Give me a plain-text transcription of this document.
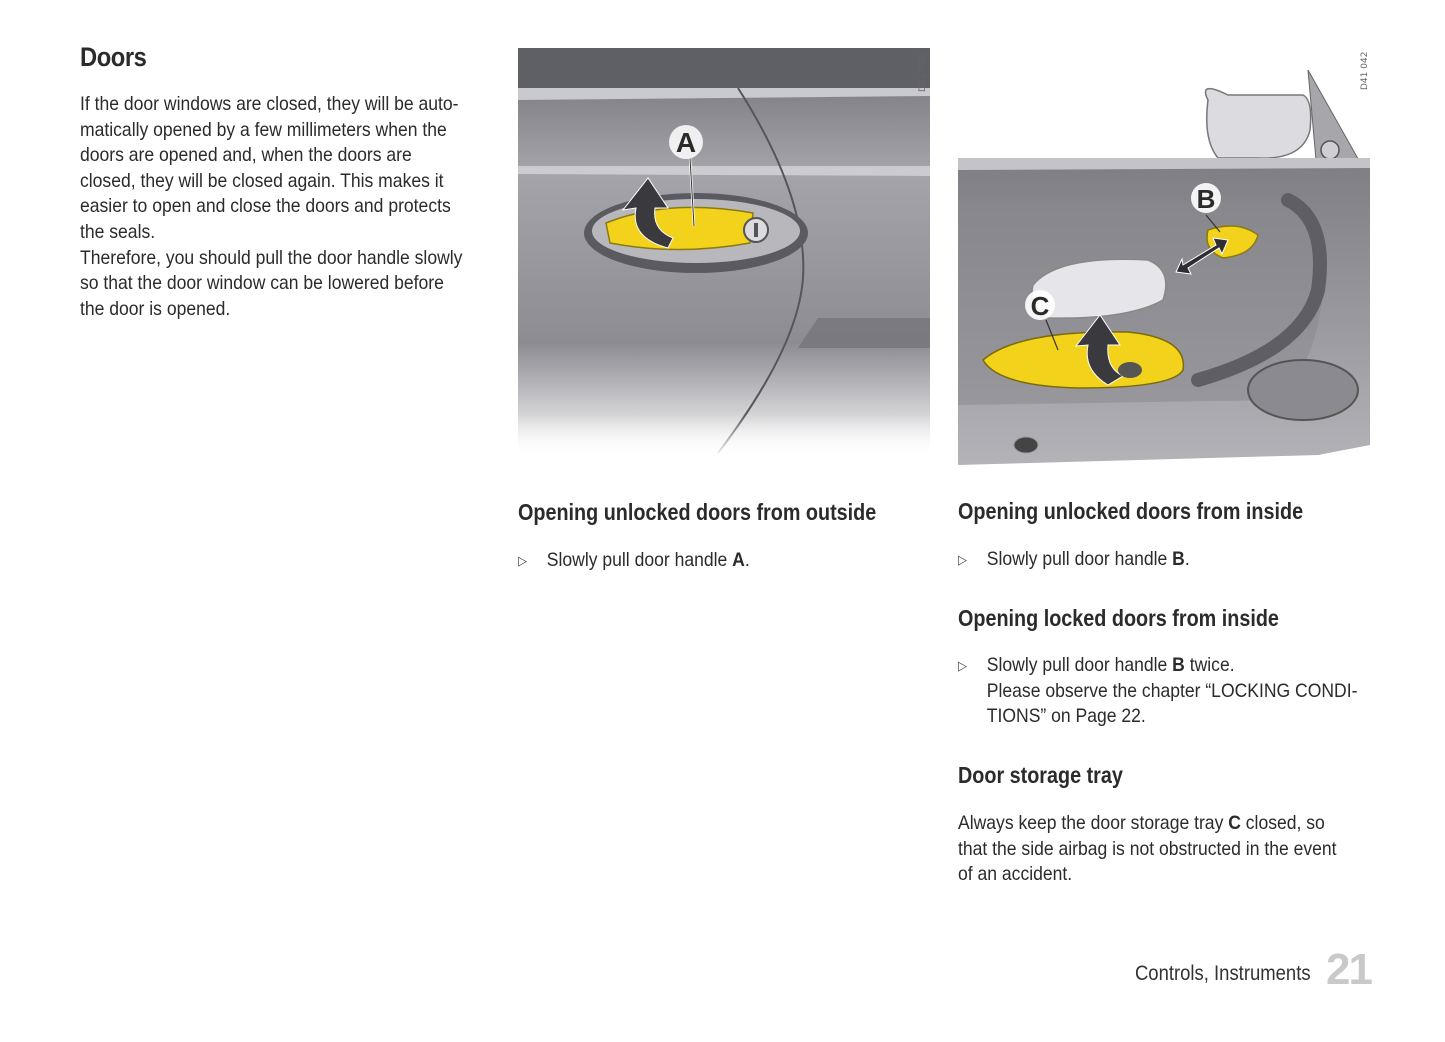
Doors

If the door windows are closed, they will be auto-
matically opened by a few millimeters when the
doors are opened and, when the doors are
closed, they will be closed again. This makes it
easier to open and close the doors and protects
the seals.
Therefore, you should pull the door handle slowly
so that the door window can be lowered before
the door is opened.

A
D41 002
B
C
D41 042
Opening unlocked doors from outside
▷	Slowly pull door handle A.
Opening unlocked doors from inside
▷	Slowly pull door handle B.
Opening locked doors from inside
▷	Slowly pull door handle B twice.
Please observe the chapter “LOCKING CONDI-
TIONS” on Page 22.
Door storage tray

Always keep the door storage tray C closed, so
that the side airbag is not obstructed in the event
of an accident.

Controls, Instruments 21
